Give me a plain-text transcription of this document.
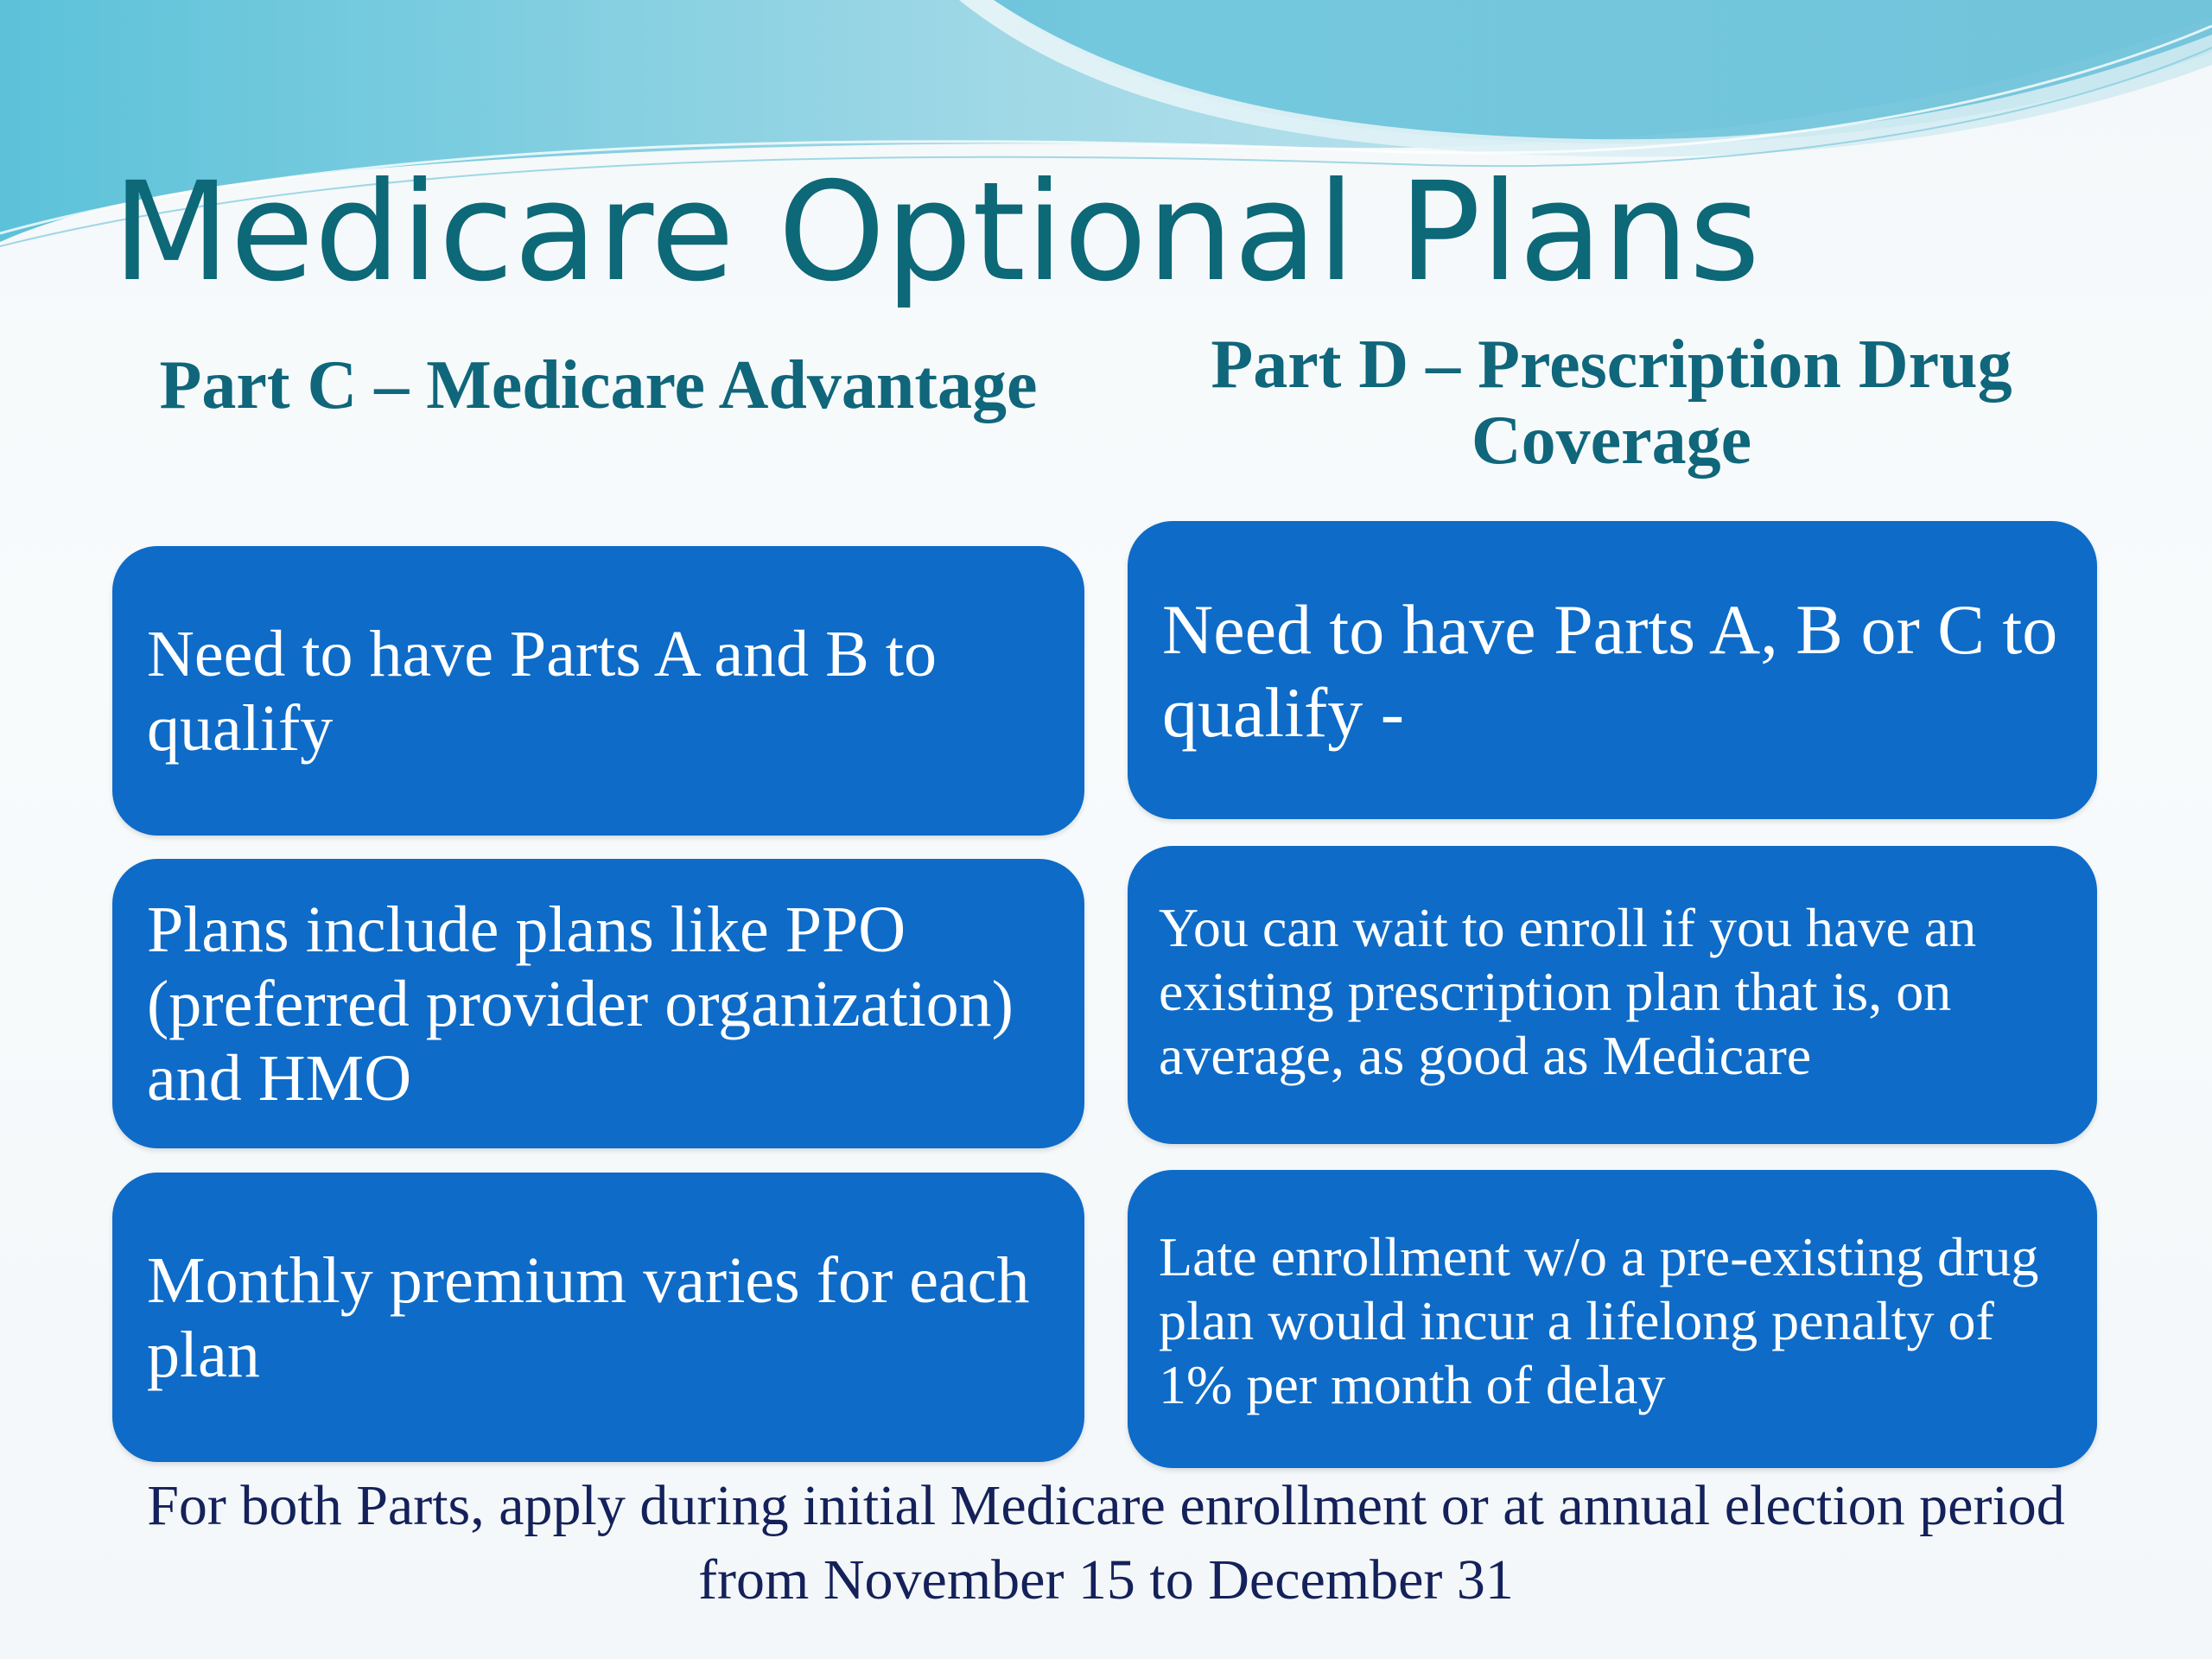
Medicare Optional Plans
Part C – Medicare Advantage	Part D – Prescription Drug Coverage
Need to have Parts A and B to qualify
Plans include plans like PPO (preferred provider organization) and HMO
Monthly premium varies for each plan
Need to have Parts A, B or C to qualify -
You can wait to enroll if you have an existing prescription plan that is, on average, as good as Medicare
Late enrollment w/o a pre-existing drug plan would incur a lifelong penalty of 1% per month of delay

For both Parts, apply during initial Medicare enrollment or at annual election period from November 15 to December 31
